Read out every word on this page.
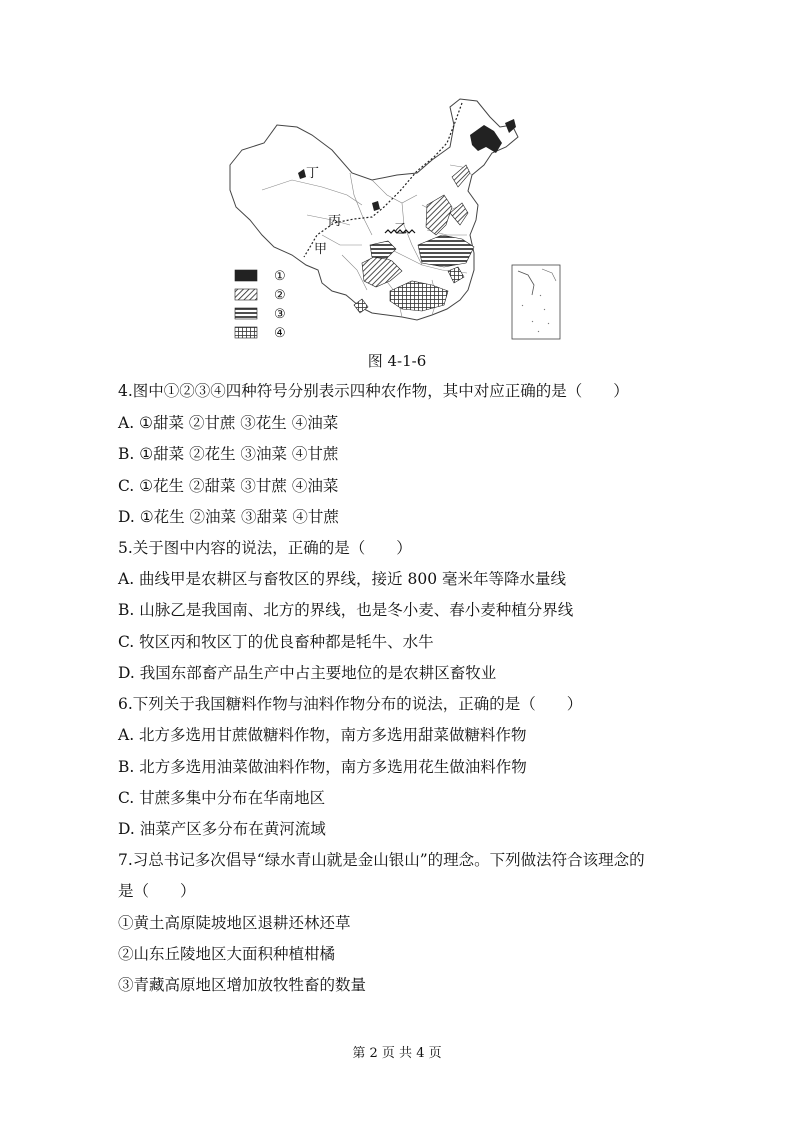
丁
丙
甲
乙
①
②
③
④
图 4-1-6
4.图中①②③④四种符号分别表示四种农作物，其中对应正确的是（　　）
A. ①甜菜 ②甘蔗 ③花生 ④油菜
B. ①甜菜 ②花生 ③油菜 ④甘蔗
C. ①花生 ②甜菜 ③甘蔗 ④油菜
D. ①花生 ②油菜 ③甜菜 ④甘蔗
5.关于图中内容的说法，正确的是（　　）
A. 曲线甲是农耕区与畜牧区的界线，接近 800 毫米年等降水量线
B. 山脉乙是我国南、北方的界线，也是冬小麦、春小麦种植分界线
C. 牧区丙和牧区丁的优良畜种都是牦牛、水牛
D. 我国东部畜产品生产中占主要地位的是农耕区畜牧业
6.下列关于我国糖料作物与油料作物分布的说法，正确的是（　　）
A. 北方多选用甘蔗做糖料作物，南方多选用甜菜做糖料作物
B. 北方多选用油菜做油料作物，南方多选用花生做油料作物
C. 甘蔗多集中分布在华南地区
D. 油菜产区多分布在黄河流域
7.习总书记多次倡导“绿水青山就是金山银山”的理念。下列做法符合该理念的
是（　　）
①黄土高原陡坡地区退耕还林还草
②山东丘陵地区大面积种植柑橘
③青藏高原地区增加放牧牲畜的数量
第 2 页 共 4 页
